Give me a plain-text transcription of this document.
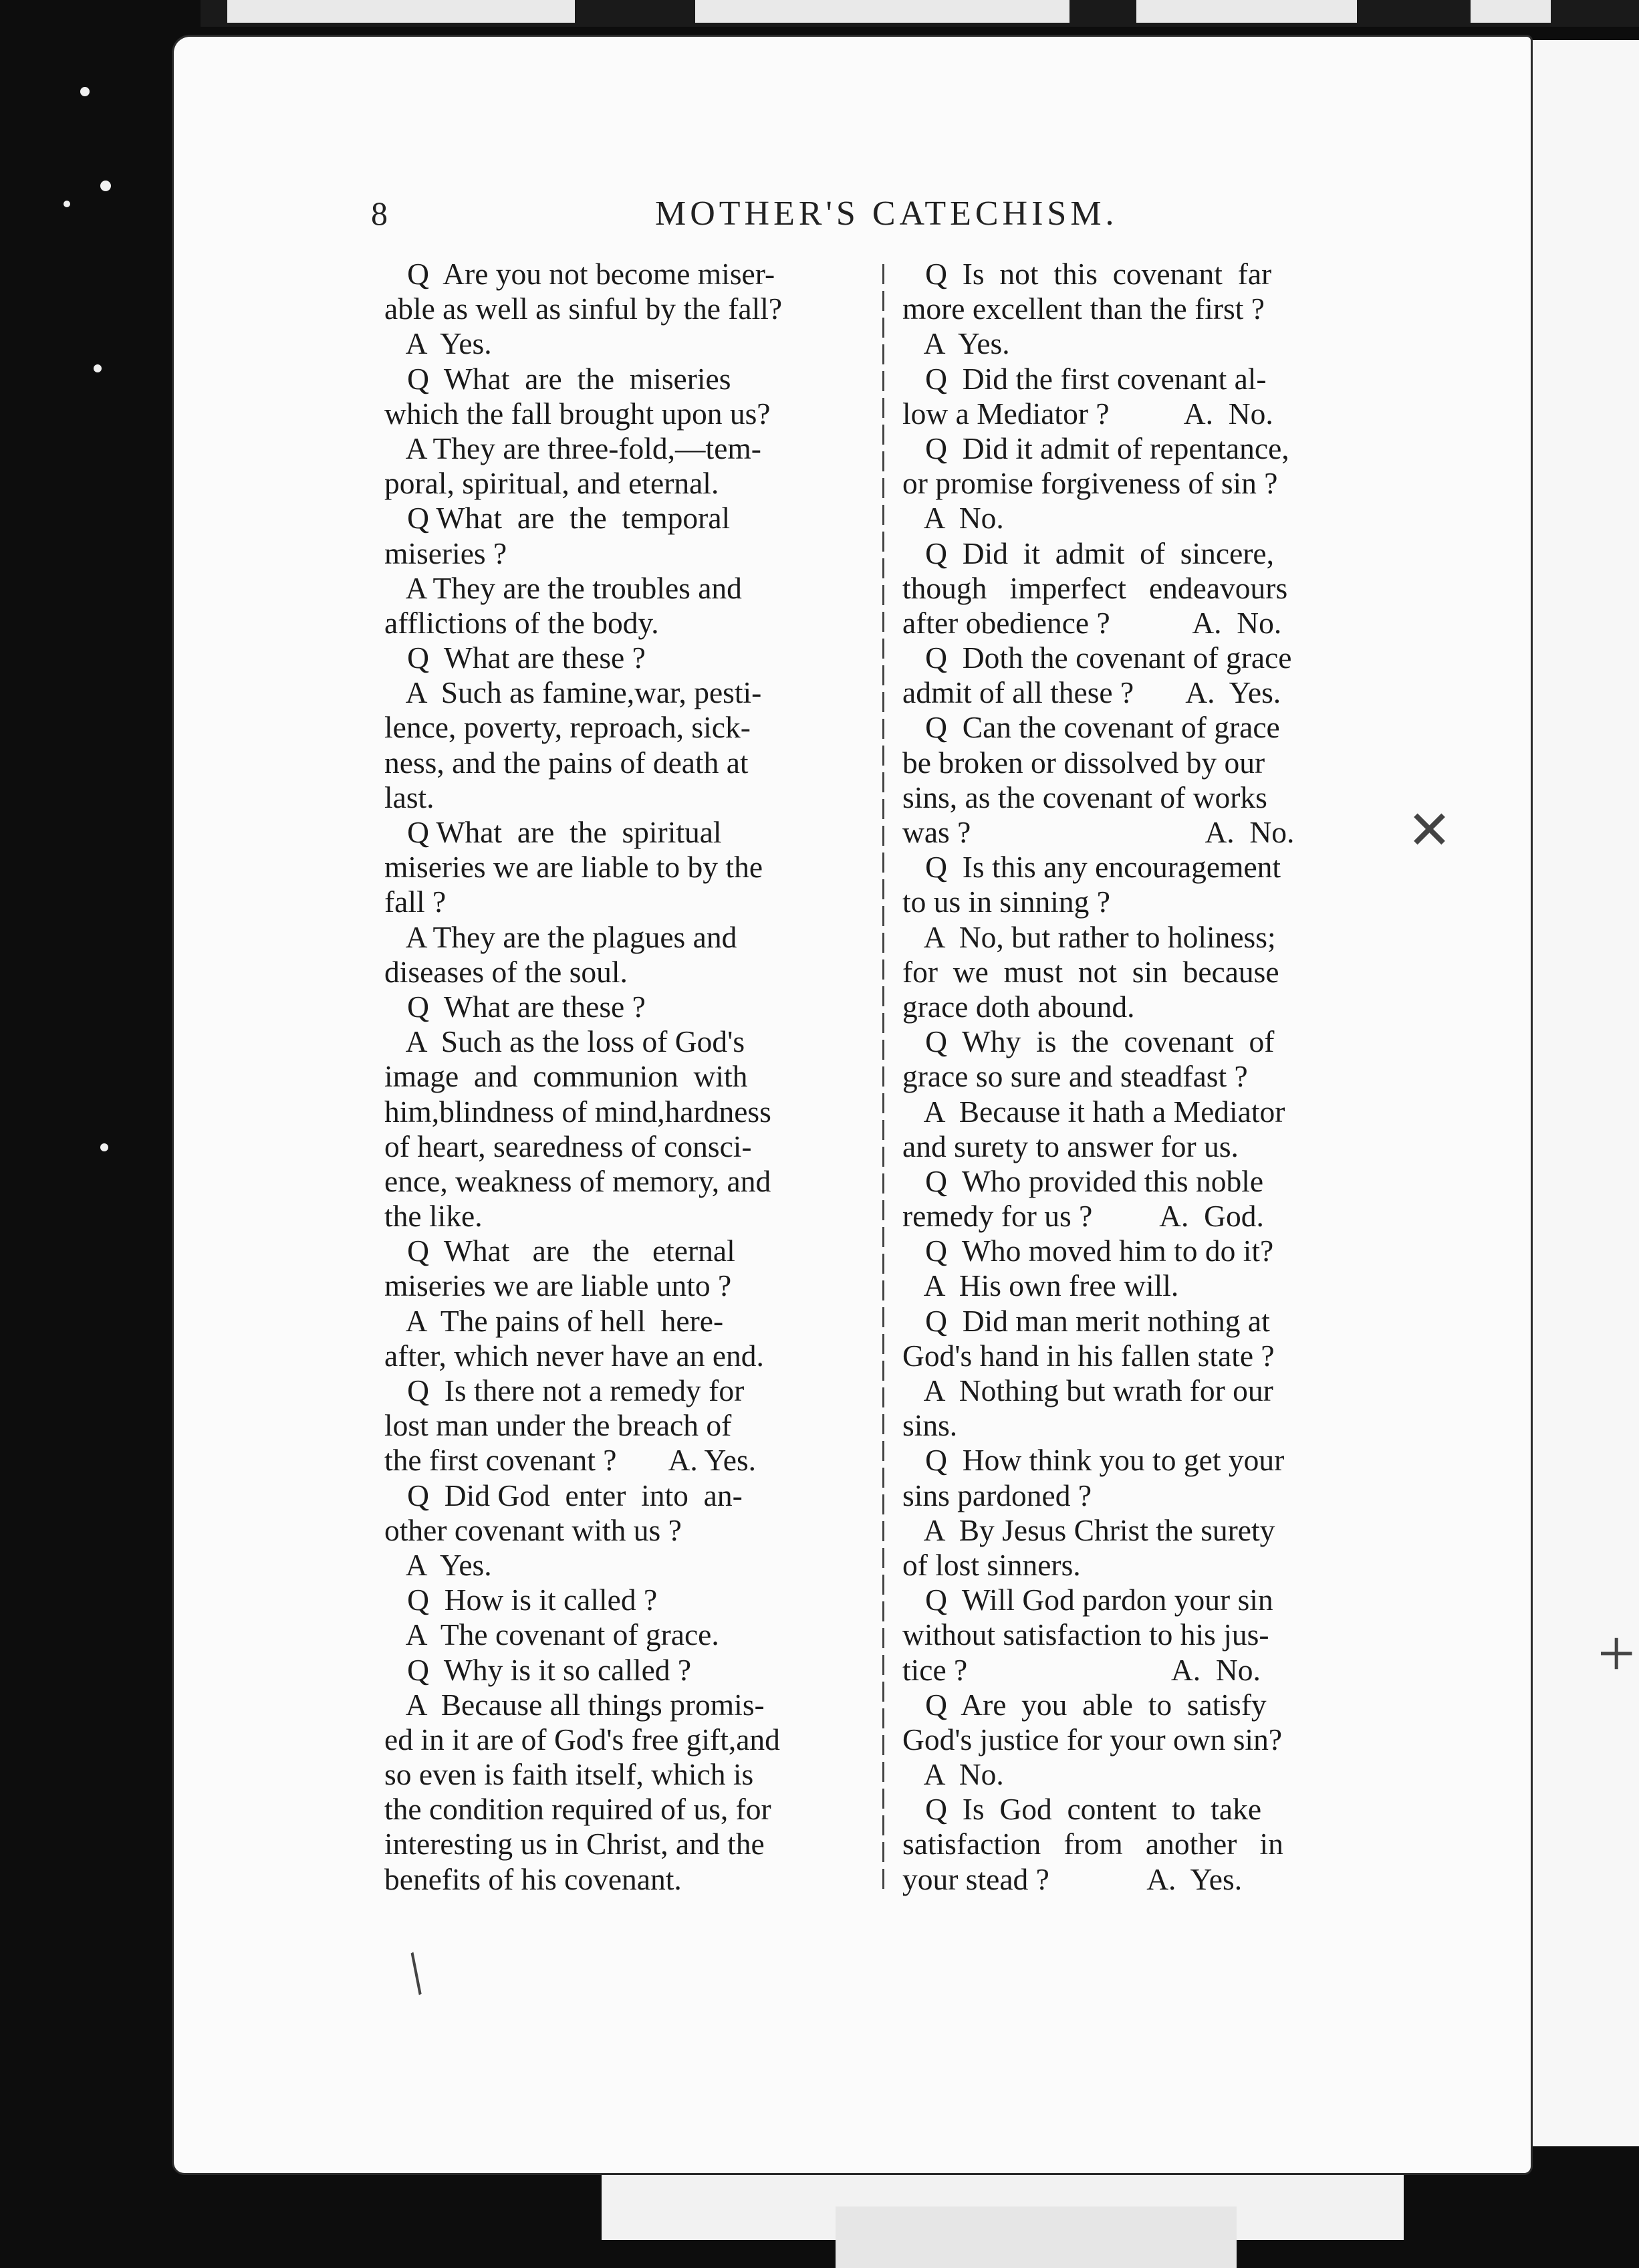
8	MOTHER'S CATECHISM.
Q  Are you not become miser-
able as well as sinful by the fall?
A  Yes.
Q  What  are  the  miseries
which the fall brought upon us?
A They are three-fold,—tem-
poral, spiritual, and eternal.
Q What  are  the  temporal
miseries ?
A They are the troubles and
afflictions of the body.
Q  What are these ?
A  Such as famine,war, pesti-
lence, poverty, reproach, sick-
ness, and the pains of death at
last.
Q What  are  the  spiritual
miseries we are liable to by the
fall ?
A They are the plagues and
diseases of the soul.
Q  What are these ?
A  Such as the loss of God's
image  and  communion  with
him,blindness of mind,hardness
of heart, searedness of consci-
ence, weakness of memory, and
the like.
Q  What   are   the   eternal
miseries we are liable unto ?
A  The pains of hell  here-
after, which never have an end.
Q  Is there not a remedy for
lost man under the breach of
the first covenant ?       A. Yes.
Q  Did God  enter  into  an-
other covenant with us ?
A  Yes.
Q  How is it called ?
A  The covenant of grace.
Q  Why is it so called ?
A  Because all things promis-
ed in it are of God's free gift,and
so even is faith itself, which is
the condition required of us, for
interesting us in Christ, and the
benefits of his covenant.
Q  Is  not  this  covenant  far
more excellent than the first ?
A  Yes.
Q  Did the first covenant al-
low a Mediator ?          A.  No.
Q  Did it admit of repentance,
or promise forgiveness of sin ?
A  No.
Q  Did  it  admit  of  sincere,
though   imperfect   endeavours
after obedience ?           A.  No.
Q  Doth the covenant of grace
admit of all these ?       A.  Yes.
Q  Can the covenant of grace
be broken or dissolved by our
sins, as the covenant of works
was ?                               A.  No.
Q  Is this any encouragement
to us in sinning ?
A  No, but rather to holiness;
for  we  must  not  sin  because
grace doth abound.
Q  Why  is  the  covenant  of
grace so sure and steadfast ?
A  Because it hath a Mediator
and surety to answer for us.
Q  Who provided this noble
remedy for us ?         A.  God.
Q  Who moved him to do it?
A  His own free will.
Q  Did man merit nothing at
God's hand in his fallen state ?
A  Nothing but wrath for our
sins.
Q  How think you to get your
sins pardoned ?
A  By Jesus Christ the surety
of lost sinners.
Q  Will God pardon your sin
without satisfaction to his jus-
tice ?                           A.  No.
Q  Are  you  able  to  satisfy
God's justice for your own sin?
A  No.
Q  Is  God  content  to  take
satisfaction   from   another   in
your stead ?             A.  Yes.
✕
+
/
